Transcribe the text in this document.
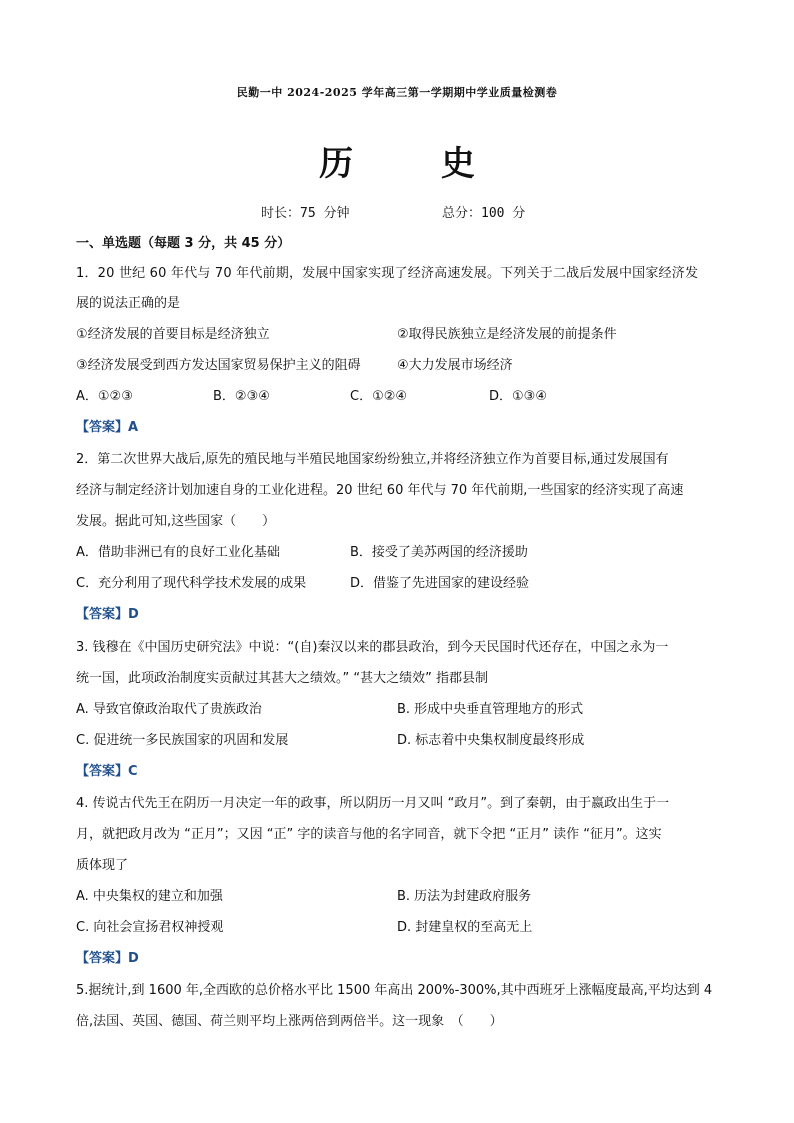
民勤一中 2024-2025 学年高三第一学期期中学业质量检测卷
历 史
时长：75 分钟	总分：100 分
一、单选题（每题 3 分，共 45 分）
1．20 世纪 60 年代与 70 年代前期，发展中国家实现了经济高速发展。下列关于二战后发展中国家经济发
展的说法正确的是
①经济发展的首要目标是经济独立	②取得民族独立是经济发展的前提条件
③经济发展受到西方发达国家贸易保护主义的阻碍	④大力发展市场经济
A．①②③	B．②③④	C．①②④	D．①③④
【答案】A
2．第二次世界大战后,原先的殖民地与半殖民地国家纷纷独立,并将经济独立作为首要目标,通过发展国有
经济与制定经济计划加速自身的工业化进程。20 世纪 60 年代与 70 年代前期,一些国家的经济实现了高速
发展。据此可知,这些国家（　　）
A．借助非洲已有的良好工业化基础	B．接受了美苏两国的经济援助
C．充分利用了现代科学技术发展的成果	D．借鉴了先进国家的建设经验
【答案】D
3. 钱穆在《中国历史研究法》中说：“(自)秦汉以来的郡县政治，到今天民国时代还存在，中国之永为一
统一国，此项政治制度实贡献过其甚大之绩效。” “甚大之绩效” 指郡县制
A. 导致官僚政治取代了贵族政治	B. 形成中央垂直管理地方的形式
C. 促进统一多民族国家的巩固和发展	D. 标志着中央集权制度最终形成
【答案】C
4. 传说古代先王在阴历一月决定一年的政事，所以阴历一月又叫 “政月”。到了秦朝，由于嬴政出生于一
月，就把政月改为 “正月”；又因 “正” 字的读音与他的名字同音，就下令把 “正月” 读作 “征月”。这实
质体现了
A. 中央集权的建立和加强	B. 历法为封建政府服务
C. 向社会宣扬君权神授观	D. 封建皇权的至高无上
【答案】D
5.据统计,到 1600 年,全西欧的总价格水平比 1500 年高出 200%-300%,其中西班牙上涨幅度最高,平均达到 4
倍,法国、英国、德国、荷兰则平均上涨两倍到两倍半。这一现象　（　　）
